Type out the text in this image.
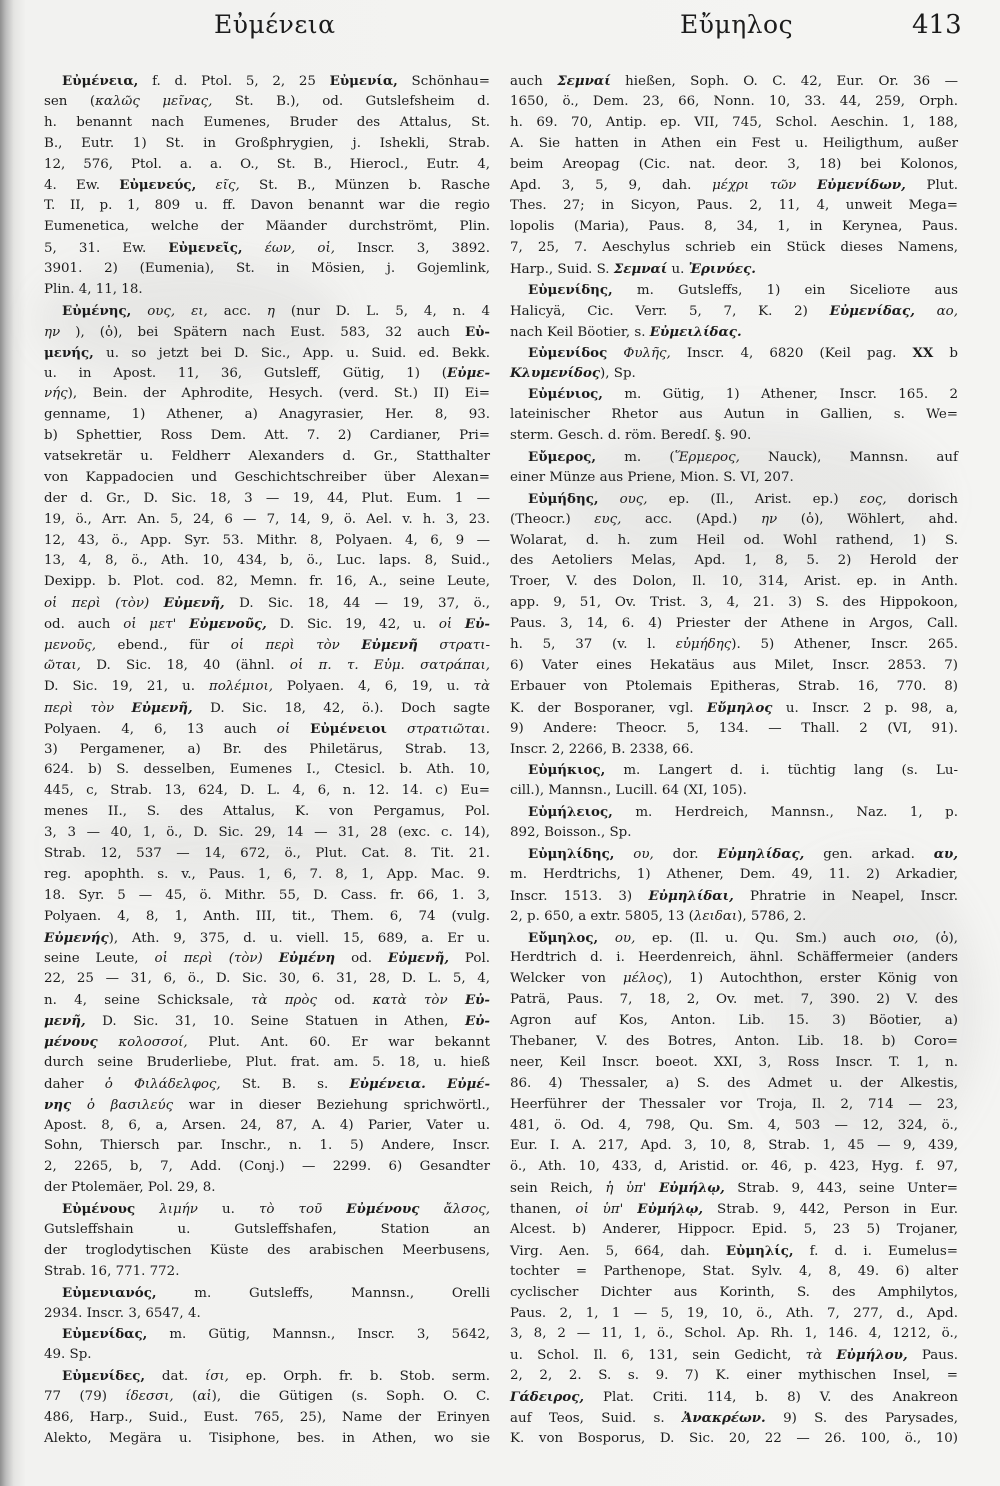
Εὐμένεια	Εὔμηλος	413
Εὐμένεια, f. d. Ptol. 5, 2, 25 Εὐμενία, Schönhau=
sen (καλῶς μεῖνας, St. B.), od. Gutslefsheim d.
h. benannt nach Eumenes, Bruder des Attalus, St.
B., Eutr. 1) St. in Großphrygien, j. Ishekli, Strab.
12, 576, Ptol. a. a. O., St. B., Hierocl., Eutr. 4,
4. Ew. Εὐμενεύς, εῖς, St. B., Münzen b. Rasche
T. II, p. 1, 809 u. ff. Davon benannt war die regio
Eumenetica, welche der Mäander durchströmt, Plin.
5, 31. Ew. Εὐμενεῖς, έων, οἱ, Inscr. 3, 3892.
3901. 2) (Eumenia), St. in Mösien, j. Gojemlink,
Plin. 4, 11, 18.
Εὐμένης, ους, ει, acc. η (nur D. L. 5, 4, n. 4
ην ), (ὁ), bei Spätern nach Eust. 583, 32 auch Εὐ-
μενής, u. so jetzt bei D. Sic., App. u. Suid. ed. Bekk.
u. in Apost. 11, 36, Gutsleff, Gütig, 1) (Εὐμε-
νής), Bein. der Aphrodite, Hesych. (verd. St.) II) Ei=
genname, 1) Athener, a) Anagyrasier, Her. 8, 93.
b) Sphettier, Ross Dem. Att. 7. 2) Cardianer, Pri=
vatsekretär u. Feldherr Alexanders d. Gr., Statthalter
von Kappadocien und Geschichtschreiber über Alexan=
der d. Gr., D. Sic. 18, 3 — 19, 44, Plut. Eum. 1 —
19, ö., Arr. An. 5, 24, 6 — 7, 14, 9, ö. Ael. v. h. 3, 23.
12, 43, ö., App. Syr. 53. Mithr. 8, Polyaen. 4, 6, 9 —
13, 4, 8, ö., Ath. 10, 434, b, ö., Luc. laps. 8, Suid.,
Dexipp. b. Plot. cod. 82, Memn. fr. 16, A., seine Leute,
οἱ περὶ (τὸν) Εὐμενῆ, D. Sic. 18, 44 — 19, 37, ö.,
od. auch οἱ μετ' Εὐμενοῦς, D. Sic. 19, 42, u. οἱ Εὐ-
μενοῦς, ebend., für οἱ περὶ τὸν Εὐμενῆ στρατι-
ῶται, D. Sic. 18, 40 (ähnl. οἱ π. τ. Εὐμ. σατράπαι,
D. Sic. 19, 21, u. πολέμιοι, Polyaen. 4, 6, 19, u. τὰ
περὶ τὸν Εὐμενῆ, D. Sic. 18, 42, ö.). Doch sagte
Polyaen. 4, 6, 13 auch οἱ Εὐμένειοι στρατιῶται.
3) Pergamener, a) Br. des Philetärus, Strab. 13,
624. b) S. desselben, Eumenes I., Ctesicl. b. Ath. 10,
445, c, Strab. 13, 624, D. L. 4, 6, n. 12. 14. c) Eu=
menes II., S. des Attalus, K. von Pergamus, Pol.
3, 3 — 40, 1, ö., D. Sic. 29, 14 — 31, 28 (exc. c. 14),
Strab. 12, 537 — 14, 672, ö., Plut. Cat. 8. Tit. 21.
reg. apophth. s. v., Paus. 1, 6, 7. 8, 1, App. Mac. 9.
18. Syr. 5 — 45, ö. Mithr. 55, D. Cass. fr. 66, 1. 3,
Polyaen. 4, 8, 1, Anth. III, tit., Them. 6, 74 (vulg.
Εὐμενής), Ath. 9, 375, d. u. viell. 15, 689, a. Er u.
seine Leute, οἱ περὶ (τὸν) Εὐμένη od. Εὐμενῆ, Pol.
22, 25 — 31, 6, ö., D. Sic. 30, 6. 31, 28, D. L. 5, 4,
n. 4, seine Schicksale, τὰ πρὸς od. κατὰ τὸν Εὐ-
μενῆ, D. Sic. 31, 10. Seine Statuen in Athen, Εὐ-
μένους κολοσσοί, Plut. Ant. 60. Er war bekannt
durch seine Bruderliebe, Plut. frat. am. 5. 18, u. hieß
daher ὁ Φιλάδελφος, St. B. s. Εὐμένεια. Εὐμέ-
νης ὁ βασιλεύς war in dieser Beziehung sprichwörtl.,
Apost. 8, 6, a, Arsen. 24, 87, A. 4) Parier, Vater u.
Sohn, Thiersch par. Inschr., n. 1. 5) Andere, Inscr.
2, 2265, b, 7, Add. (Conj.) — 2299. 6) Gesandter
der Ptolemäer, Pol. 29, 8.
Εὐμένους λιμήν u. τὸ τοῦ Εὐμένους ἄλσος,
Gutsleffshain u. Gutsleffshafen, Station an
der troglodytischen Küste des arabischen Meerbusens,
Strab. 16, 771. 772.
Εὐμενιανός, m. Gutsleffs, Mannsn., Orelli
2934. Inscr. 3, 6547, 4.
Εὐμενίδας, m. Gütig, Mannsn., Inscr. 3, 5642,
49. Sp.
Εὐμενίδες, dat. ίσι, ep. Orph. fr. b. Stob. serm.
77 (79) ίδεσσι, (αἱ), die Gütigen (s. Soph. O. C.
486, Harp., Suid., Eust. 765, 25), Name der Erinyen
Alekto, Megära u. Tisiphone, bes. in Athen, wo sie
auch Σεμναί hießen, Soph. O. C. 42, Eur. Or. 36 —
1650, ö., Dem. 23, 66, Nonn. 10, 33. 44, 259, Orph.
h. 69. 70, Antip. ep. VII, 745, Schol. Aeschin. 1, 188,
A. Sie hatten in Athen ein Fest u. Heiligthum, außer
beim Areopag (Cic. nat. deor. 3, 18) bei Kolonos,
Apd. 3, 5, 9, dah. μέχρι τῶν Εὐμενίδων, Plut.
Thes. 27; in Sicyon, Paus. 2, 11, 4, unweit Mega=
lopolis (Maria), Paus. 8, 34, 1, in Kerynea, Paus.
7, 25, 7. Aeschylus schrieb ein Stück dieses Namens,
Harp., Suid. S. Σεμναί u. Ἐρινύες.
Εὐμενίδης, m. Gutsleffs, 1) ein Sicelioте aus
Halicyä, Cic. Verr. 5, 7, K. 2) Εὐμενίδας, αο,
nach Keil Böotier, s. Εὐμειλίδας.
Εὐμενίδος Φυλῆς, Inscr. 4, 6820 (Keil pag. XX b
Κλυμενίδος), Sp.
Εὐμένιος, m. Gütig, 1) Athener, Inscr. 165. 2
lateinischer Rhetor aus Autun in Gallien, s. We=
sterm. Gesch. d. röm. Beredſ. §. 90.
Εὔμερος, m. (Ἕρμερος, Nauck), Mannsn. auf
einer Münze aus Priene, Mion. S. VI, 207.
Εὐμήδης, ους, ep. (Il., Arist. ep.) εος, dorisch
(Theocr.) ευς, acc. (Apd.) ην (ὁ), Wöhlert, ahd.
Wolarat, d. h. zum Heil od. Wohl rathend, 1) S.
des Aetoliers Melas, Apd. 1, 8, 5. 2) Herold der
Troer, V. des Dolon, Il. 10, 314, Arist. ep. in Anth.
app. 9, 51, Ov. Trist. 3, 4, 21. 3) S. des Hippokoon,
Paus. 3, 14, 6. 4) Priester der Athene in Argos, Call.
h. 5, 37 (v. l. εὐμήδης). 5) Athener, Inscr. 265.
6) Vater eines Hekatäus aus Milet, Inscr. 2853. 7)
Erbauer von Ptolemais Epitheras, Strab. 16, 770. 8)
K. der Bosporaner, vgl. Εὔμηλος u. Inscr. 2 p. 98, a,
9) Andere: Theocr. 5, 134. — Thall. 2 (VI, 91).
Inscr. 2, 2266, B. 2338, 66.
Εὐμήκιος, m. Langert d. i. tüchtig lang (s. Lu-
cill.), Mannsn., Lucill. 64 (XI, 105).
Εὐμήλειος, m. Herdreich, Mannsn., Naz. 1, p.
892, Boisson., Sp.
Εὐμηλίδης, ου, dor. Εὐμηλίδας, gen. arkad. αυ,
m. Herdtrichs, 1) Athener, Dem. 49, 11. 2) Arkadier,
Inscr. 1513. 3) Εὐμηλίδαι, Phratrie in Neapel, Inscr.
2, p. 650, a extr. 5805, 13 (λειδαι), 5786, 2.
Εὔμηλος, ου, ep. (Il. u. Qu. Sm.) auch οιο, (ὁ),
Herdtrich d. i. Heerdenreich, ähnl. Schäffermeier (anders
Welcker von μέλος), 1) Autochthon, erster König von
Paträ, Paus. 7, 18, 2, Ov. met. 7, 390. 2) V. des
Agron auf Kos, Anton. Lib. 15. 3) Böotier, a)
Thebaner, V. des Botres, Anton. Lib. 18. b) Coro=
neer, Keil Inscr. boeot. XXI, 3, Ross Inscr. T. 1, n.
86. 4) Thessaler, a) S. des Admet u. der Alkestis,
Heerführer der Thessaler vor Troja, Il. 2, 714 — 23,
481, ö. Od. 4, 798, Qu. Sm. 4, 503 — 12, 324, ö.,
Eur. I. A. 217, Apd. 3, 10, 8, Strab. 1, 45 — 9, 439,
ö., Ath. 10, 433, d, Aristid. or. 46, p. 423, Hyg. f. 97,
sein Reich, ἡ ὑπ' Εὐμήλῳ, Strab. 9, 443, seine Unter=
thanen, οἱ ὑπ' Εὐμήλῳ, Strab. 9, 442, Person in Eur.
Alcest. b) Anderer, Hippocr. Epid. 5, 23 5) Trojaner,
Virg. Aen. 5, 664, dah. Εὐμηλίς, f. d. i. Eumelus=
tochter = Parthenope, Stat. Sylv. 4, 8, 49. 6) alter
cyclischer Dichter aus Korinth, S. des Amphilytos,
Paus. 2, 1, 1 — 5, 19, 10, ö., Ath. 7, 277, d., Apd.
3, 8, 2 — 11, 1, ö., Schol. Ap. Rh. 1, 146. 4, 1212, ö.,
u. Schol. Il. 6, 131, sein Gedicht, τὰ Εὐμήλου, Paus.
2, 2, 2. S. s. 9. 7) K. einer mythischen Insel, =
Γάδειρος, Plat. Criti. 114, b. 8) V. des Anakreon
auf Teos, Suid. s. Ἀνακρέων. 9) S. des Parysades,
K. von Bosporus, D. Sic. 20, 22 — 26. 100, ö., 10)
